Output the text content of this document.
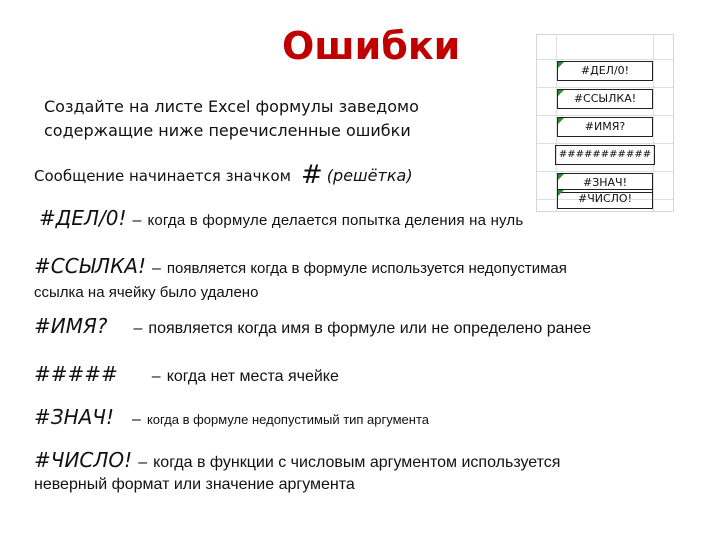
Ошибки
Создайте на листе Excel формулы заведомо
содержащие ниже перечисленные ошибки
Сообщение начинается значком # (решётка)
#ДЕЛ/0! – когда в формуле делается попытка деления на нуль
#ССЫЛКА! – появляется когда в формуле используется недопустимая
ссылка на ячейку было удалено
#ИМЯ? – появляется когда имя в формуле или не определено ранее
##### – когда нет места ячейке
#ЗНАЧ! – когда в формуле недопустимый тип аргумента
#ЧИСЛО! – когда в функции с числовым аргументом используется
неверный формат или значение аргумента
#ДЕЛ/0!
#ССЫЛКА!
#ИМЯ?
###########
#ЗНАЧ!
#ЧИСЛО!
